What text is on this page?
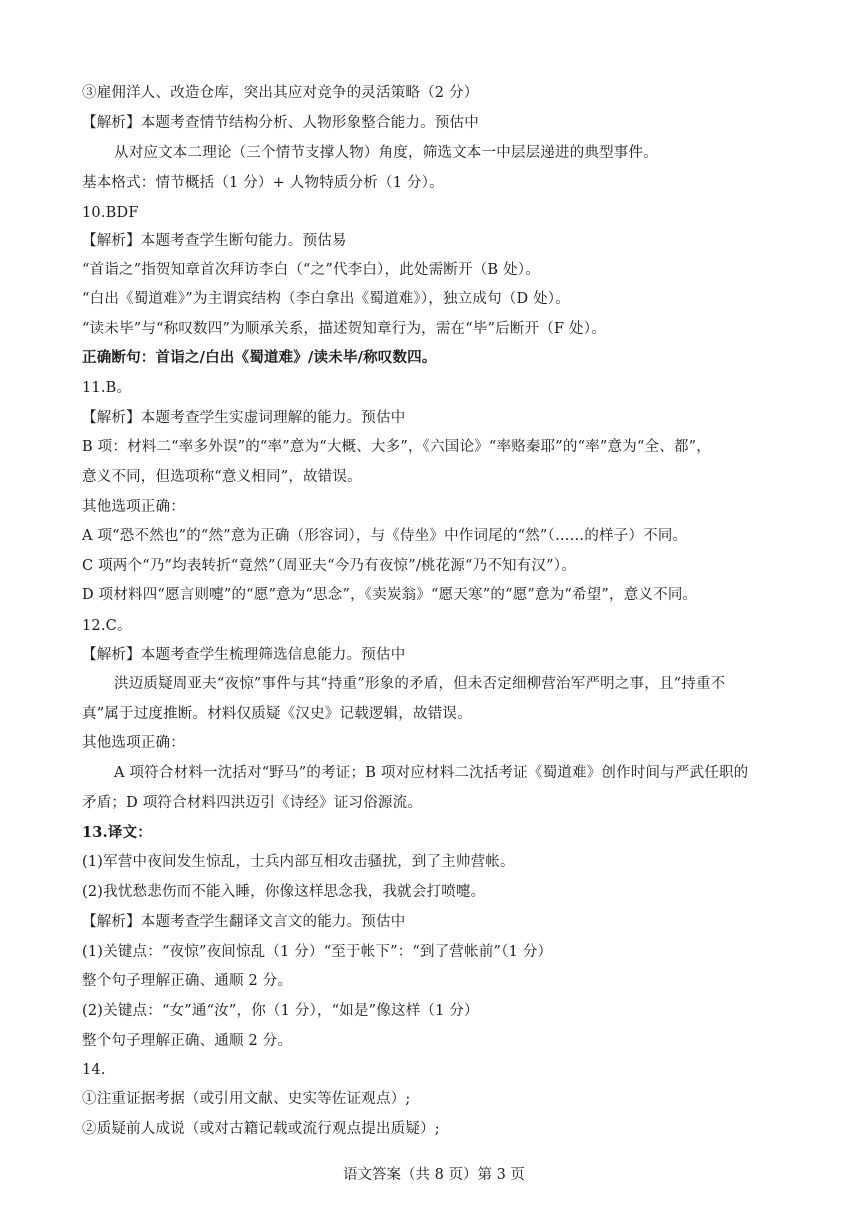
③雇佣洋人、改造仓库，突出其应对竞争的灵活策略（2 分）
【解析】本题考查情节结构分析、人物形象整合能力。预估中
从对应文本二理论（三个情节支撑人物）角度，筛选文本一中层层递进的典型事件。
基本格式：情节概括（1 分）+ 人物特质分析（1 分）。
10.BDF
【解析】本题考查学生断句能力。预估易
“首诣之”指贺知章首次拜访李白（“之”代李白），此处需断开（B 处）。
“白出《蜀道难》”为主谓宾结构（李白拿出《蜀道难》），独立成句（D 处）。
“读未毕”与“称叹数四”为顺承关系，描述贺知章行为，需在“毕”后断开（F 处）。
正确断句：首诣之/白出《蜀道难》/读未毕/称叹数四。
11.B。
【解析】本题考查学生实虚词理解的能力。预估中
B 项：材料二“率多外误”的“率”意为“大概、大多”，《六国论》“率赂秦耶”的“率”意为“全、都”，
意义不同，但选项称“意义相同”，故错误。
其他选项正确：
A 项“恐不然也”的“然”意为正确（形容词），与《侍坐》中作词尾的“然”（……的样子）不同。
C 项两个“乃”均表转折“竟然”（周亚夫“今乃有夜惊”/桃花源“乃不知有汉”）。
D 项材料四“愿言则嚏”的“愿”意为“思念”，《卖炭翁》“愿天寒”的“愿”意为“希望”，意义不同。
12.C。
【解析】本题考查学生梳理筛选信息能力。预估中
洪迈质疑周亚夫“夜惊”事件与其“持重”形象的矛盾，但未否定细柳营治军严明之事，且“持重不
真”属于过度推断。材料仅质疑《汉史》记载逻辑，故错误。
其他选项正确：
A 项符合材料一沈括对“野马”的考证；B 项对应材料二沈括考证《蜀道难》创作时间与严武任职的
矛盾；D 项符合材料四洪迈引《诗经》证习俗源流。
13.译文：
(1)军营中夜间发生惊乱，士兵内部互相攻击骚扰，到了主帅营帐。
(2)我忧愁悲伤而不能入睡，你像这样思念我，我就会打喷嚏。
【解析】本题考查学生翻译文言文的能力。预估中
(1)关键点：“夜惊”夜间惊乱（1 分）“至于帐下”：“到了营帐前”（1 分）
整个句子理解正确、通顺 2 分。
(2)关键点：“女”通“汝”，你（1 分），“如是”像这样（1 分）
整个句子理解正确、通顺 2 分。
14.
①注重证据考据（或引用文献、史实等佐证观点）;
②质疑前人成说（或对古籍记载或流行观点提出质疑）;
语文答案（共 8 页）第 3 页
